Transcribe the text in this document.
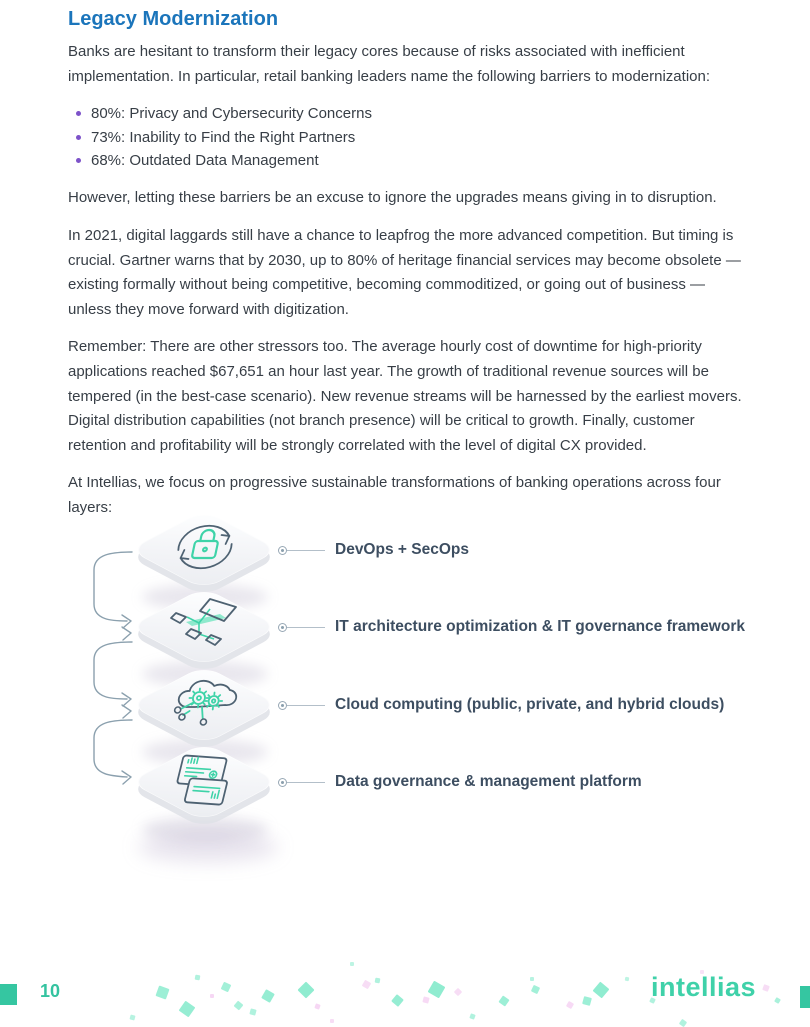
Legacy Modernization

Banks are hesitant to transform their legacy cores because of risks associated with inefficient implementation. In particular, retail banking leaders name the following barriers to modernization:

80%: Privacy and Cybersecurity Concerns
73%: Inability to Find the Right Partners
68%: Outdated Data Management

However, letting these barriers be an excuse to ignore the upgrades means giving in to disruption.

In 2021, digital laggards still have a chance to leapfrog the more advanced competition. But timing is crucial. Gartner warns that by 2030, up to 80% of heritage financial services may become obsolete — existing formally without being competitive, becoming commoditized, or going out of business — unless they move forward with digitization.

Remember: There are other stressors too. The average hourly cost of downtime for high-priority applications reached $67,651 an hour last year. The growth of traditional revenue sources will be tempered (in the best-case scenario). New revenue streams will be harnessed by the earliest movers. Digital distribution capabilities (not branch presence) will be critical to growth. Finally, customer retention and profitability will be strongly correlated with the level of digital CX provided.

At Intellias, we focus on progressive sustainable transformations of banking operations across four layers:

DevOps + SecOps
IT architecture optimization & IT governance framework
Cloud computing (public, private, and hybrid clouds)
Data governance & management platform
10	intellias
